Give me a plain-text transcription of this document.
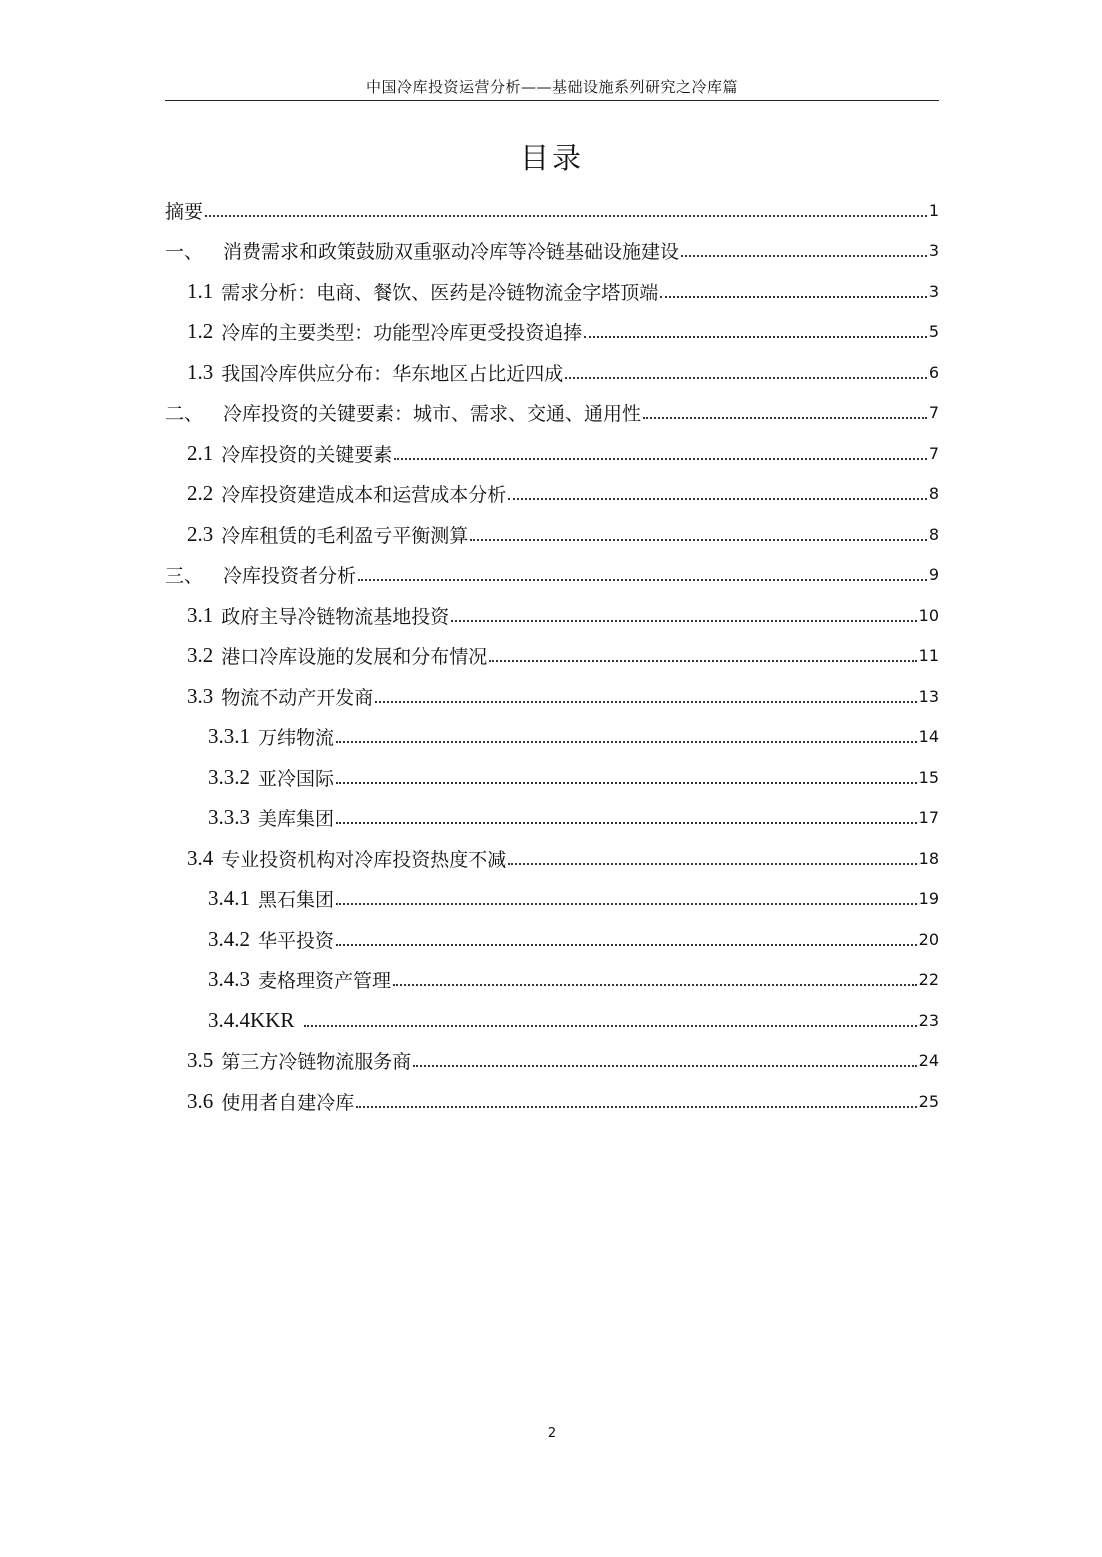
中国冷库投资运营分析——基础设施系列研究之冷库篇
目录
摘要	1
一、 消费需求和政策鼓励双重驱动冷库等冷链基础设施建设	3
1.1 需求分析：电商、餐饮、医药是冷链物流金字塔顶端	3
1.2 冷库的主要类型：功能型冷库更受投资追捧	5
1.3 我国冷库供应分布：华东地区占比近四成	6
二、 冷库投资的关键要素：城市、需求、交通、通用性	7
2.1 冷库投资的关键要素	7
2.2 冷库投资建造成本和运营成本分析	8
2.3 冷库租赁的毛利盈亏平衡测算	8
三、 冷库投资者分析	9
3.1 政府主导冷链物流基地投资	10
3.2 港口冷库设施的发展和分布情况	11
3.3 物流不动产开发商	13
3.3.1 万纬物流	14
3.3.2 亚冷国际	15
3.3.3 美库集团	17
3.4 专业投资机构对冷库投资热度不减	18
3.4.1 黑石集团	19
3.4.2 华平投资	20
3.4.3 麦格理资产管理	22
3.4.4KKR	23
3.5 第三方冷链物流服务商	24
3.6 使用者自建冷库	25
2
